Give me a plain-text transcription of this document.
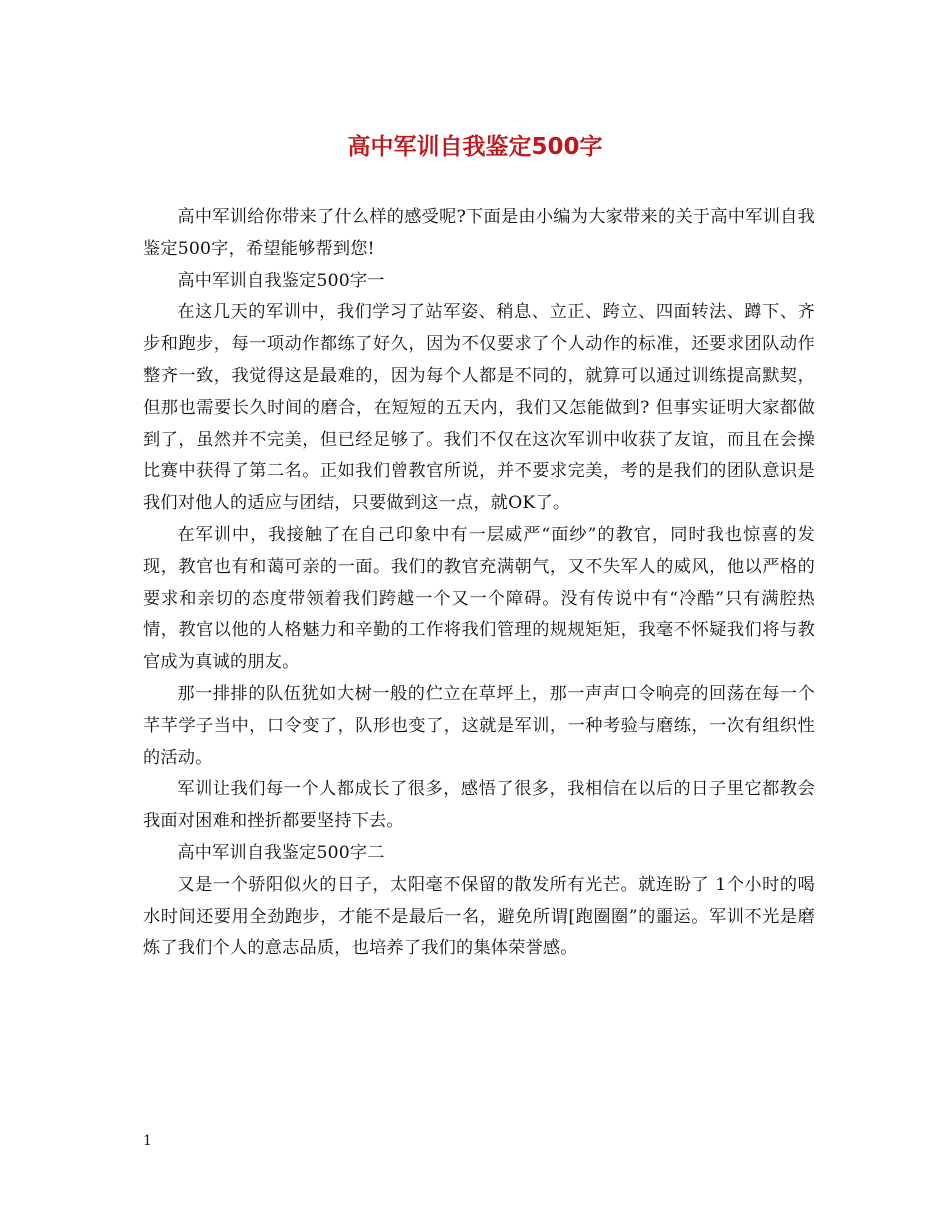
高中军训自我鉴定500字

高中军训给你带来了什么样的感受呢?下面是由小编为大家带来的关于高中军训自我鉴定500字，希望能够帮到您!

高中军训自我鉴定500字一

在这几天的军训中，我们学习了站军姿、稍息、立正、跨立、四面转法、蹲下、齐步和跑步，每一项动作都练了好久，因为不仅要求了个人动作的标准，还要求团队动作整齐一致，我觉得这是最难的，因为每个人都是不同的，就算可以通过训练提高默契，但那也需要长久时间的磨合，在短短的五天内，我们又怎能做到? 但事实证明大家都做到了，虽然并不完美，但已经足够了。我们不仅在这次军训中收获了友谊，而且在会操比赛中获得了第二名。正如我们曾教官所说，并不要求完美，考的是我们的团队意识是我们对他人的适应与团结，只要做到这一点，就OK了。

在军训中，我接触了在自己印象中有一层威严“面纱”的教官，同时我也惊喜的发现，教官也有和蔼可亲的一面。我们的教官充满朝气，又不失军人的威风，他以严格的要求和亲切的态度带领着我们跨越一个又一个障碍。没有传说中有“冷酷”只有满腔热情，教官以他的人格魅力和辛勤的工作将我们管理的规规矩矩，我毫不怀疑我们将与教官成为真诚的朋友。

那一排排的队伍犹如大树一般的伫立在草坪上，那一声声口令响亮的回荡在每一个芊芊学子当中，口令变了，队形也变了，这就是军训，一种考验与磨练，一次有组织性的活动。

军训让我们每一个人都成长了很多，感悟了很多，我相信在以后的日子里它都教会我面对困难和挫折都要坚持下去。

高中军训自我鉴定500字二

又是一个骄阳似火的日子，太阳毫不保留的散发所有光芒。就连盼了 1个小时的喝水时间还要用全劲跑步，才能不是最后一名，避免所谓[跑圈圈”的噩运。军训不光是磨炼了我们个人的意志品质，也培养了我们的集体荣誉感。

1
